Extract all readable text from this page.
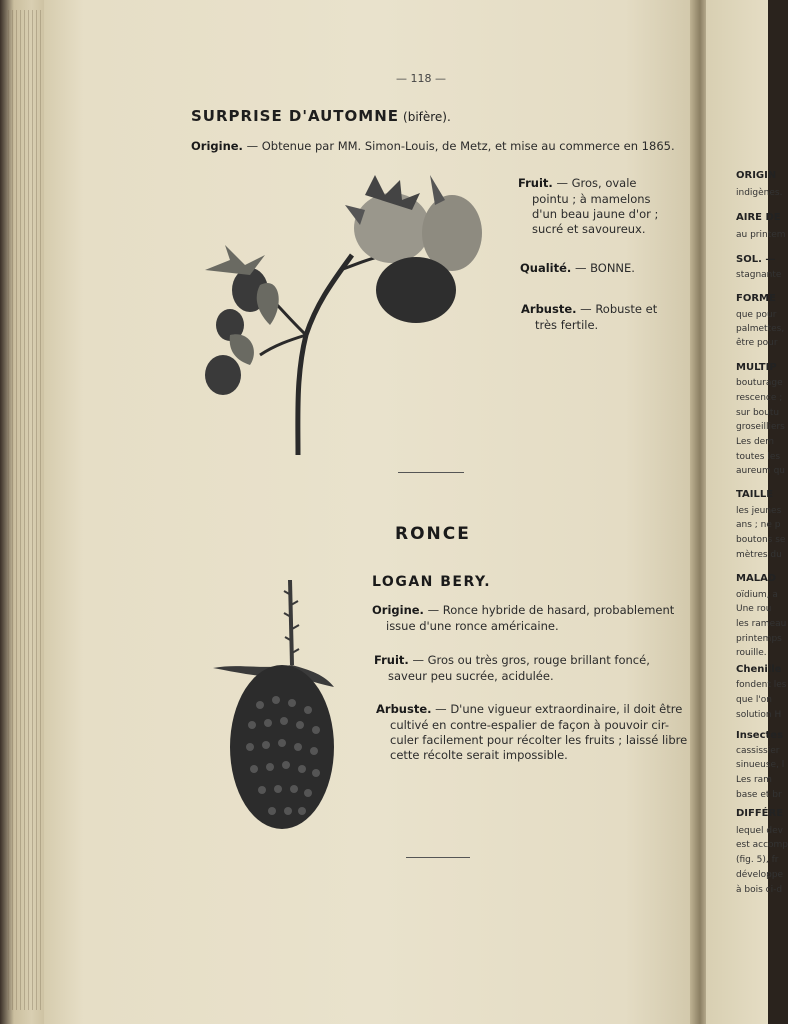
ORIGIN
indigènes.
AIRE DE
au printem
SOL. —
stagnante
FORME
que pour
palmettes,
être pour
MULTIP
bouturage
rescence ;
sur boutu
groseilliers
Les dem
toutes les
aureum qu
TAILLE
les jeunes
ans ; ne p
boutons se
mètres du
MALAD
oïdium, a
Une rou
les rameau
printemps
rouille.
Chenille
fondent les
que l'on
solution H
Insectes
cassissier
sinueuse, l
Les ram
base et br
DIFFÉRE
lequel dev
est accomp
(fig. 5), fr
développe
à bois ci-d
— 118 —
SURPRISE D'AUTOMNE (bifère).
Origine. — Obtenue par MM. Simon-Louis, de Metz, et mise au commerce en 1865.
Fruit. — Gros, ovale
pointu ; à mamelons
d'un beau jaune d'or ;
sucré et savoureux.
Qualité. — BONNE.
Arbuste. — Robuste et
très fertile.
RONCE
LOGAN BERY.
Origine. — Ronce hybride de hasard, probablement
issue d'une ronce américaine.
Fruit. — Gros ou très gros, rouge brillant foncé,
saveur peu sucrée, acidulée.
Arbuste. — D'une vigueur extraordinaire, il doit être
cultivé en contre-espalier de façon à pouvoir cir-
culer facilement pour récolter les fruits ; laissé libre
cette récolte serait impossible.
